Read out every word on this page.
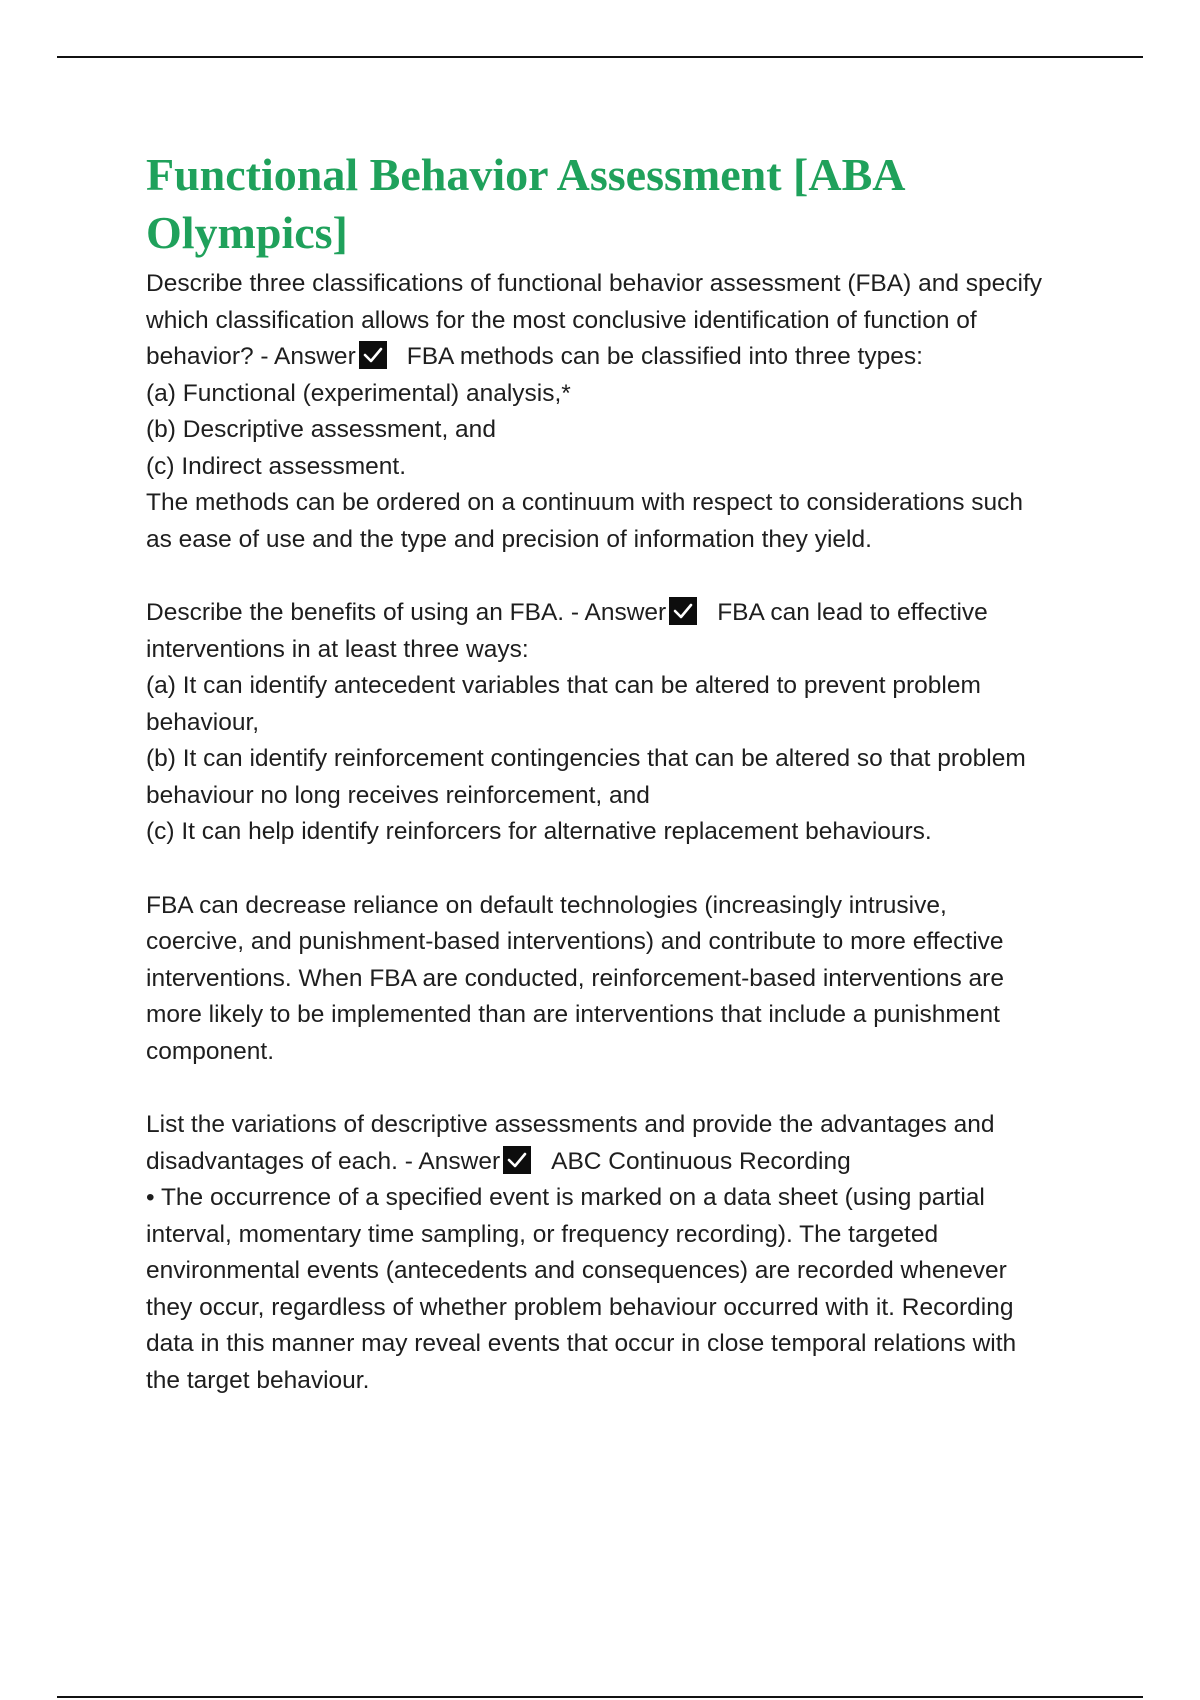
Functional Behavior Assessment [ABA Olympics]

Describe three classifications of functional behavior assessment (FBA) and specify
which classification allows for the most conclusive identification of function of
behavior? - Answer FBA methods can be classified into three types:
(a) Functional (experimental) analysis,*
(b) Descriptive assessment, and
(c) Indirect assessment.
The methods can be ordered on a continuum with respect to considerations such
as ease of use and the type and precision of information they yield.

Describe the benefits of using an FBA. - Answer FBA can lead to effective
interventions in at least three ways:
(a) It can identify antecedent variables that can be altered to prevent problem
behaviour,
(b) It can identify reinforcement contingencies that can be altered so that problem
behaviour no long receives reinforcement, and
(c) It can help identify reinforcers for alternative replacement behaviours.

FBA can decrease reliance on default technologies (increasingly intrusive,
coercive, and punishment-based interventions) and contribute to more effective
interventions. When FBA are conducted, reinforcement-based interventions are
more likely to be implemented than are interventions that include a punishment
component.

List the variations of descriptive assessments and provide the advantages and
disadvantages of each. - Answer ABC Continuous Recording
• The occurrence of a specified event is marked on a data sheet (using partial
interval, momentary time sampling, or frequency recording). The targeted
environmental events (antecedents and consequences) are recorded whenever
they occur, regardless of whether problem behaviour occurred with it. Recording
data in this manner may reveal events that occur in close temporal relations with
the target behaviour.
